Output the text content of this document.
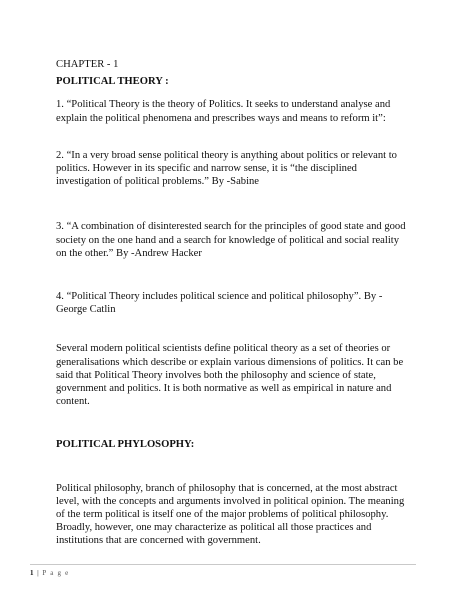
CHAPTER - 1
POLITICAL THEORY :

1. “Political Theory is the theory of Politics. It seeks to understand analyse and explain the political phenomena and prescribes ways and means to reform it”:

2. “In a very broad sense political theory is anything about politics or relevant to politics. However in its specific and narrow sense, it is “the disciplined investigation of political problems.” By -Sabine

3. “A combination of disinterested search for the principles of good state and good society on the one hand and a search for knowledge of political and social reality on the other.” By -Andrew Hacker

4. “Political Theory includes political science and political philosophy”. By - George Catlin

Several modern political scientists define political theory as a set of theories or generalisations which describe or explain various dimensions of politics. It can be said that Political Theory involves both the philosophy and science of state, government and politics. It is both normative as well as empirical in nature and content.

POLITICAL PHYLOSOPHY:

Political philosophy, branch of philosophy that is concerned, at the most abstract level, with the concepts and arguments involved in political opinion. The meaning of the term political is itself one of the major problems of political philosophy. Broadly, however, one may characterize as political all those practices and institutions that are concerned with government.

1 | P a g e
